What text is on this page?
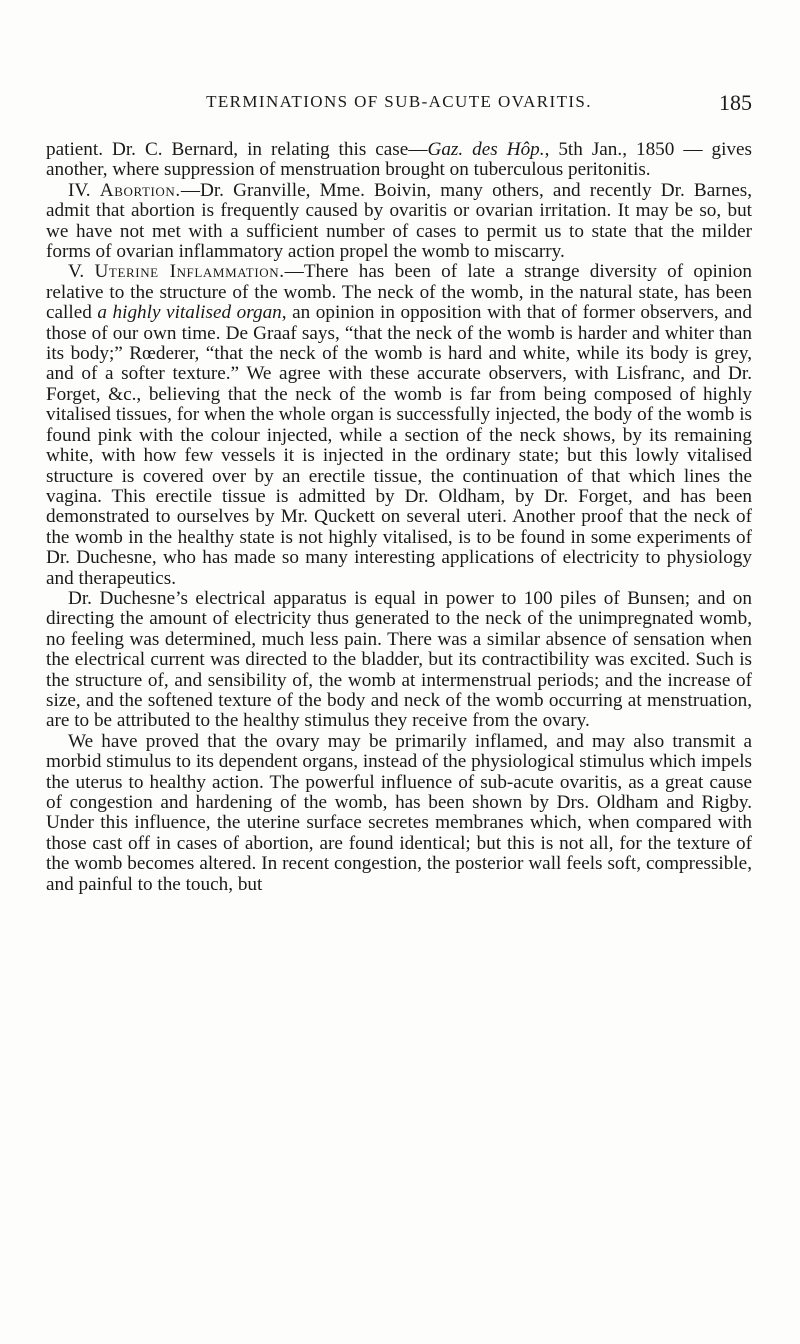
TERMINATIONS OF SUB-ACUTE OVARITIS.	185

patient. Dr. C. Bernard, in relating this case—Gaz. des Hôp., 5th Jan., 1850 — gives another, where suppression of menstruation brought on tuberculous peritonitis.

IV. Abortion.—Dr. Granville, Mme. Boivin, many others, and recently Dr. Barnes, admit that abortion is frequently caused by ovaritis or ovarian irritation. It may be so, but we have not met with a sufficient number of cases to permit us to state that the milder forms of ovarian inflammatory action propel the womb to miscarry.

V. Uterine Inflammation.—There has been of late a strange diversity of opinion relative to the structure of the womb. The neck of the womb, in the natural state, has been called a highly vitalised organ, an opinion in opposition with that of former observers, and those of our own time. De Graaf says, “that the neck of the womb is harder and whiter than its body;” Rœderer, “that the neck of the womb is hard and white, while its body is grey, and of a softer texture.” We agree with these accurate observers, with Lisfranc, and Dr. Forget, &c., believing that the neck of the womb is far from being composed of highly vitalised tissues, for when the whole organ is successfully injected, the body of the womb is found pink with the colour injected, while a section of the neck shows, by its remaining white, with how few vessels it is injected in the ordinary state; but this lowly vitalised structure is covered over by an erectile tissue, the continuation of that which lines the vagina. This erectile tissue is admitted by Dr. Oldham, by Dr. Forget, and has been demonstrated to ourselves by Mr. Quckett on several uteri. Another proof that the neck of the womb in the healthy state is not highly vitalised, is to be found in some experiments of Dr. Duchesne, who has made so many interesting applications of electricity to physiology and therapeutics.

Dr. Duchesne’s electrical apparatus is equal in power to 100 piles of Bunsen; and on directing the amount of electricity thus generated to the neck of the unimpregnated womb, no feeling was determined, much less pain. There was a similar absence of sensation when the electrical current was directed to the bladder, but its contractibility was excited. Such is the structure of, and sensibility of, the womb at intermenstrual periods; and the increase of size, and the softened texture of the body and neck of the womb occurring at menstruation, are to be attributed to the healthy stimulus they receive from the ovary.

We have proved that the ovary may be primarily inflamed, and may also transmit a morbid stimulus to its dependent organs, instead of the physiological stimulus which impels the uterus to healthy action. The powerful influence of sub-acute ovaritis, as a great cause of congestion and hardening of the womb, has been shown by Drs. Oldham and Rigby. Under this influence, the uterine surface secretes membranes which, when compared with those cast off in cases of abortion, are found identical; but this is not all, for the texture of the womb becomes altered. In recent congestion, the posterior wall feels soft, compressible, and painful to the touch, but
